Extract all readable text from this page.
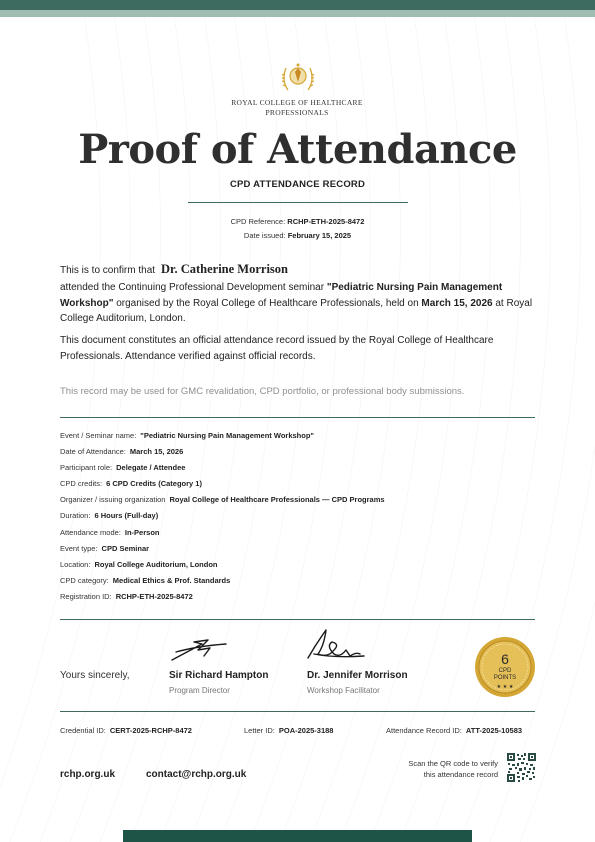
ROYAL COLLEGE OF HEALTHCARE
PROFESSIONALS
Proof of Attendance
CPD ATTENDANCE RECORD
CPD Reference: RCHP-ETH-2025-8472
Date issued: February 15, 2025
This is to confirm that Dr. Catherine Morrison
attended the Continuing Professional Development seminar "Pediatric Nursing Pain Management Workshop" organised by the Royal College of Healthcare Professionals, held on March 15, 2026 at Royal College Auditorium, London.
This document constitutes an official attendance record issued by the Royal College of Healthcare Professionals. Attendance verified against official records.
This record may be used for GMC revalidation, CPD portfolio, or professional body submissions.
Event / Seminar name: "Pediatric Nursing Pain Management Workshop"
Date of Attendance: March 15, 2026
Participant role: Delegate / Attendee
CPD credits: 6 CPD Credits (Category 1)
Organizer / issuing organization Royal College of Healthcare Professionals — CPD Programs
Duration: 6 Hours (Full-day)
Attendance mode: In-Person
Event type: CPD Seminar
Location: Royal College Auditorium, London
CPD category: Medical Ethics & Prof. Standards
Registration ID: RCHP-ETH-2025-8472
Yours sincerely,	Sir Richard Hampton
Program Director
Dr. Jennifer Morrison
Workshop Facilitator
6
CPD
POINTS
★ ★ ★
Credential ID: CERT-2025-RCHP-8472	Letter ID: POA-2025-3188	Attendance Record ID: ATT-2025-10583
rchp.org.uk	contact@rchp.org.uk
Scan the QR code to verify
this attendance record
